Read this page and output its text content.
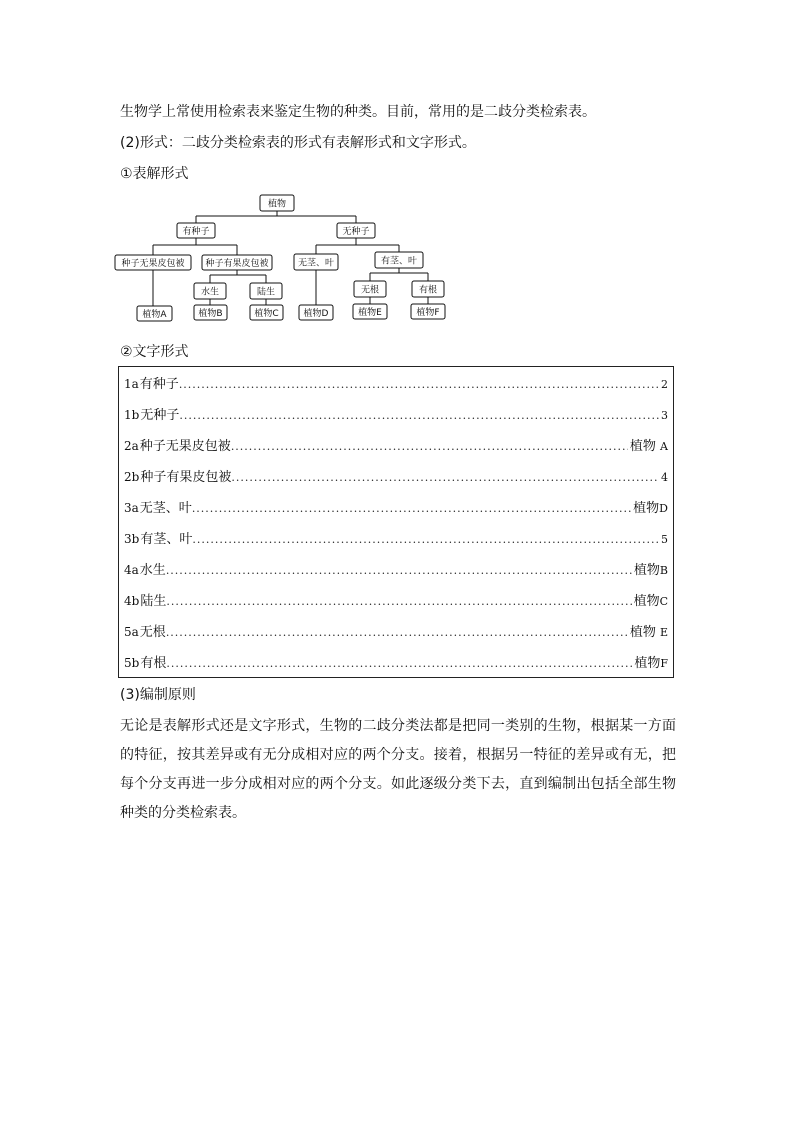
生物学上常使用检索表来鉴定生物的种类。目前，常用的是二歧分类检索表。
(2)形式：二歧分类检索表的形式有表解形式和文字形式。
①表解形式
植物
有种子	无种子
种子无果皮包被 种子有果皮包被	无茎、叶	有茎、叶
水生	陆生	无根	有根
植物A	植物B	植物C	植物D	植物E	植物F
②文字形式
1a 有种子 .....	2
1b 无种子 .....	3
2a 种子无果皮包被 .....	植物 A
2b 种子有果皮包被 .....	4
3a 无茎、叶 .....	植物D
3b 有茎、叶 .....	5
4a 水生 .....	植物B
4b 陆生 .....	植物C
5a 无根 .....	植物 E
5b 有根 .....	植物F
(3)编制原则
无论是表解形式还是文字形式，生物的二歧分类法都是把同一类别的生物，根据某一方面的特征，按其差异或有无分成相对应的两个分支。接着，根据另一特征的差异或有无，把每个分支再进一步分成相对应的两个分支。如此逐级分类下去，直到编制出包括全部生物种类的分类检索表。
